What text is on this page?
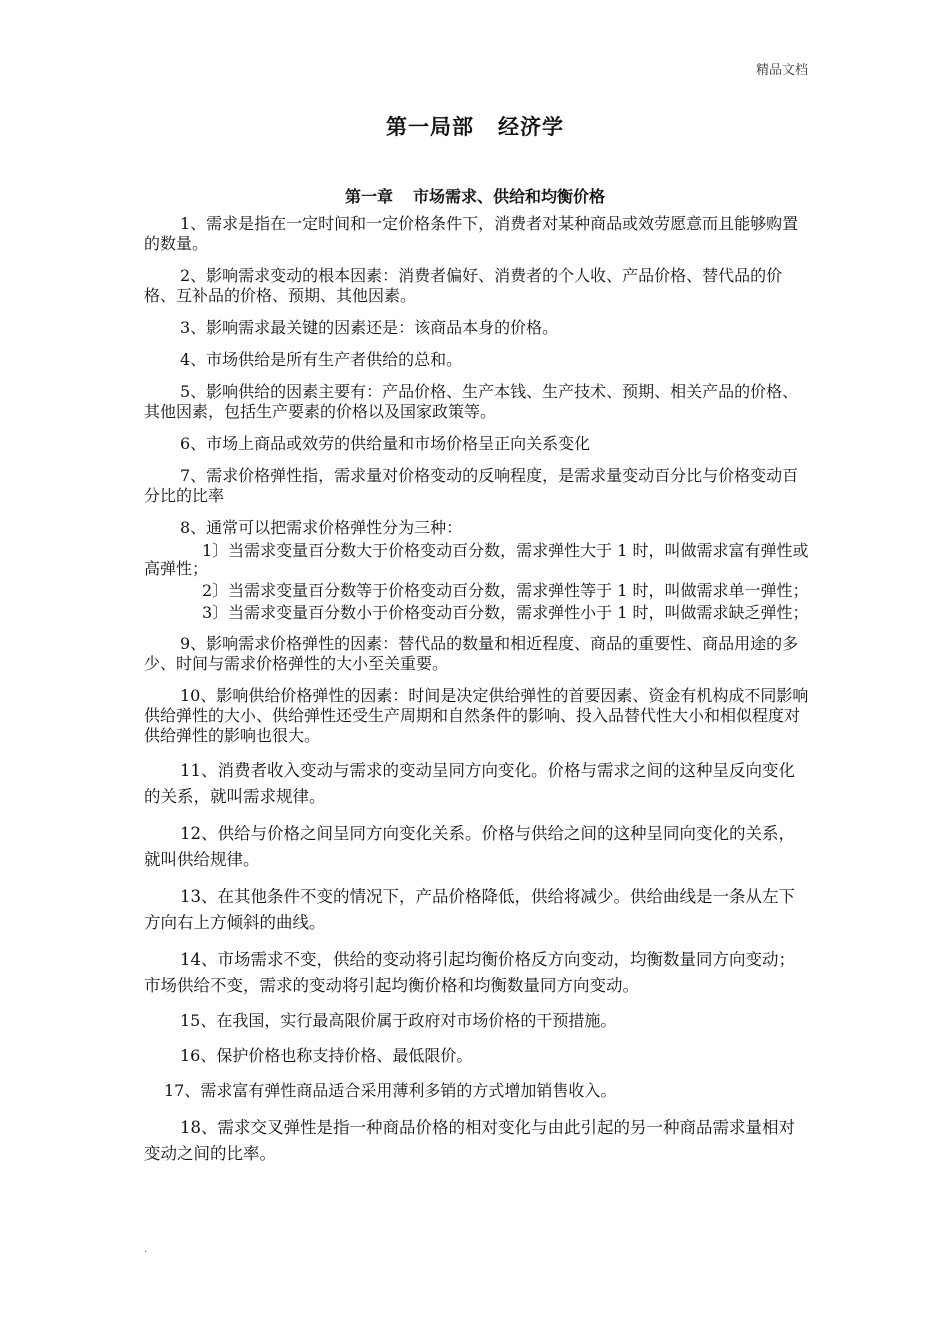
精品文档
第一局部 经济学
第一章 市场需求、供给和均衡价格

1、需求是指在一定时间和一定价格条件下，消费者对某种商品或效劳愿意而且能够购置的数量。

2、影响需求变动的根本因素：消费者偏好、消费者的个人收、产品价格、替代品的价格、互补品的价格、预期、其他因素。

3、影响需求最关键的因素还是：该商品本身的价格。

4、市场供给是所有生产者供给的总和。

5、影响供给的因素主要有：产品价格、生产本钱、生产技术、预期、相关产品的价格、其他因素，包括生产要素的价格以及国家政策等。

6、市场上商品或效劳的供给量和市场价格呈正向关系变化

7、需求价格弹性指，需求量对价格变动的反响程度，是需求量变动百分比与价格变动百分比的比率

8、通常可以把需求价格弹性分为三种：

1〕当需求变量百分数大于价格变动百分数，需求弹性大于 1 时，叫做需求富有弹性或高弹性；

2〕当需求变量百分数等于价格变动百分数，需求弹性等于 1 时，叫做需求单一弹性；

3〕当需求变量百分数小于价格变动百分数，需求弹性小于 1 时，叫做需求缺乏弹性；

9、影响需求价格弹性的因素：替代品的数量和相近程度、商品的重要性、商品用途的多少、时间与需求价格弹性的大小至关重要。

10、影响供给价格弹性的因素：时间是决定供给弹性的首要因素、资金有机构成不同影响供给弹性的大小、供给弹性还受生产周期和自然条件的影响、投入品替代性大小和相似程度对供给弹性的影响也很大。

11、消费者收入变动与需求的变动呈同方向变化。价格与需求之间的这种呈反向变化的关系，就叫需求规律。

12、供给与价格之间呈同方向变化关系。价格与供给之间的这种呈同向变化的关系，就叫供给规律。

13、在其他条件不变的情况下，产品价格降低，供给将减少。供给曲线是一条从左下方向右上方倾斜的曲线。

14、市场需求不变，供给的变动将引起均衡价格反方向变动，均衡数量同方向变动；市场供给不变，需求的变动将引起均衡价格和均衡数量同方向变动。

15、在我国，实行最高限价属于政府对市场价格的干预措施。

16、保护价格也称支持价格、最低限价。

17、需求富有弹性商品适合采用薄利多销的方式增加销售收入。

18、需求交叉弹性是指一种商品价格的相对变化与由此引起的另一种商品需求量相对变动之间的比率。

.
